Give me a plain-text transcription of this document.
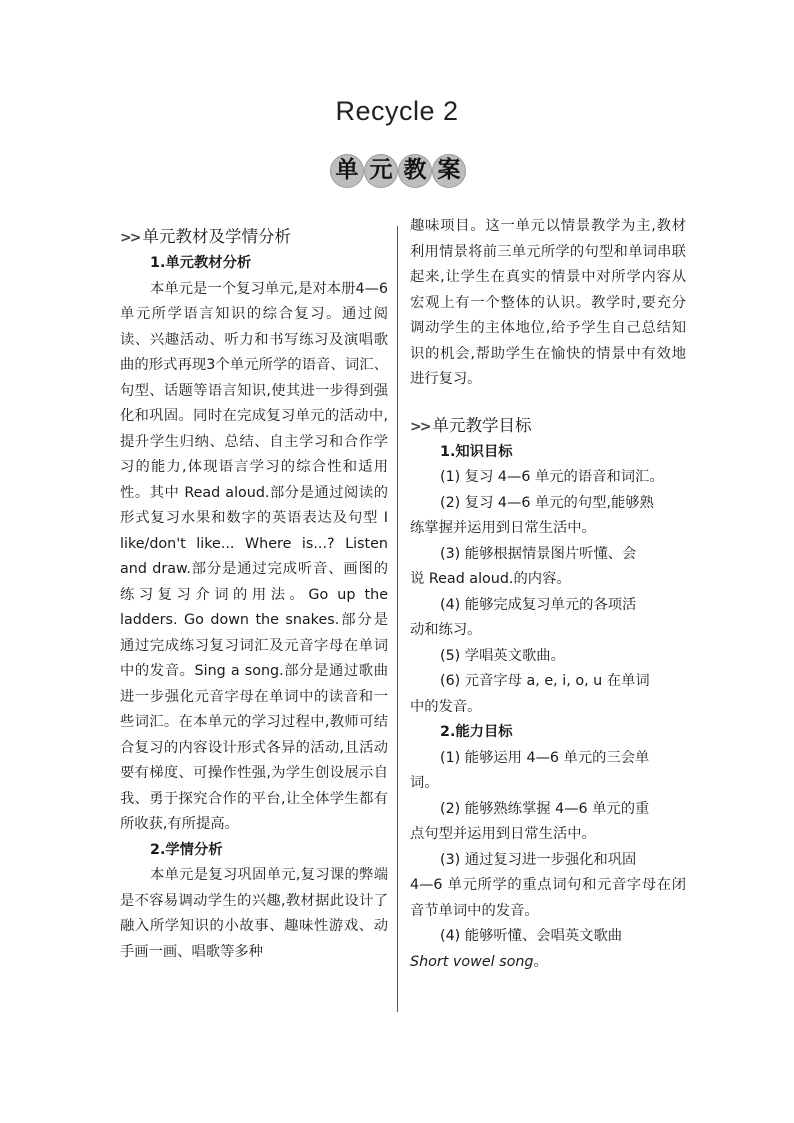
Recycle 2
单 元 教 案

>> 单元教材及学情分析

1.单元教材分析

本单元是一个复习单元,是对本册4—6单元所学语言知识的综合复习。通过阅读、兴趣活动、听力和书写练习及演唱歌曲的形式再现3个单元所学的语音、词汇、句型、话题等语言知识,使其进一步得到强化和巩固。同时在完成复习单元的活动中,提升学生归纳、总结、自主学习和合作学习的能力,体现语言学习的综合性和适用性。其中 Read aloud.部分是通过阅读的形式复习水果和数字的英语表达及句型 I like/don't like... Where is...? Listen and draw.部分是通过完成听音、画图的练习复习介词的用法。Go up the ladders. Go down the snakes.部分是通过完成练习复习词汇及元音字母在单词中的发音。Sing a song.部分是通过歌曲进一步强化元音字母在单词中的读音和一些词汇。在本单元的学习过程中,教师可结合复习的内容设计形式各异的活动,且活动要有梯度、可操作性强,为学生创设展示自我、勇于探究合作的平台,让全体学生都有所收获,有所提高。

2.学情分析

本单元是复习巩固单元,复习课的弊端是不容易调动学生的兴趣,教材据此设计了融入所学知识的小故事、趣味性游戏、动手画一画、唱歌等多种

趣味项目。这一单元以情景教学为主,教材利用情景将前三单元所学的句型和单词串联起来,让学生在真实的情景中对所学内容从宏观上有一个整体的认识。教学时,要充分调动学生的主体地位,给予学生自己总结知识的机会,帮助学生在愉快的情景中有效地进行复习。

>> 单元教学目标

1.知识目标

(1) 复习 4—6 单元的语音和词汇。

(2) 复习 4—6 单元的句型,能够熟

练掌握并运用到日常生活中。

(3) 能够根据情景图片听懂、会

说 Read aloud.的内容。

(4) 能够完成复习单元的各项活

动和练习。

(5) 学唱英文歌曲。

(6) 元音字母 a, e, i, o, u 在单词

中的发音。

2.能力目标

(1) 能够运用 4—6 单元的三会单

词。

(2) 能够熟练掌握 4—6 单元的重

点句型并运用到日常生活中。

(3) 通过复习进一步强化和巩固

4—6 单元所学的重点词句和元音字母在闭音节单词中的发音。

(4) 能够听懂、会唱英文歌曲

Short vowel song。
